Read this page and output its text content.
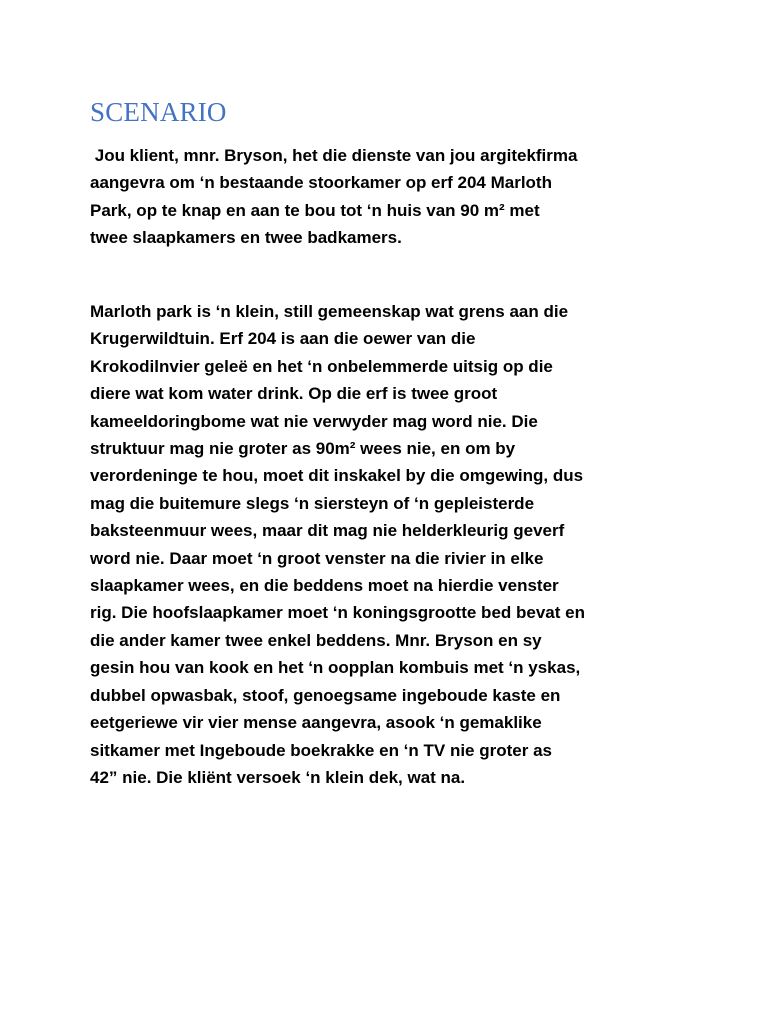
SCENARIO

Jou klient, mnr. Bryson, het die dienste van jou argitekfirma
aangevra om ‘n bestaande stoorkamer op erf 204 Marloth
Park, op te knap en aan te bou tot ‘n huis van 90 m² met
twee slaapkamers en twee badkamers.

Marloth park is ‘n klein, still gemeenskap wat grens aan die
Krugerwildtuin. Erf 204 is aan die oewer van die
Krokodilnvier geleë en het ‘n onbelemmerde uitsig op die
diere wat kom water drink. Op die erf is twee groot
kameeldoringbome wat nie verwyder mag word nie. Die
struktuur mag nie groter as 90m² wees nie, en om by
verordeninge te hou, moet dit inskakel by die omgewing, dus
mag die buitemure slegs ‘n siersteyn of ‘n gepleisterde
baksteenmuur wees, maar dit mag nie helderkleurig geverf
word nie. Daar moet ‘n groot venster na die rivier in elke
slaapkamer wees, en die beddens moet na hierdie venster
rig. Die hoofslaapkamer moet ‘n koningsgrootte bed bevat en
die ander kamer twee enkel beddens. Mnr. Bryson en sy
gesin hou van kook en het ‘n oopplan kombuis met ‘n yskas,
dubbel opwasbak, stoof, genoegsame ingeboude kaste en
eetgeriewe vir vier mense aangevra, asook ‘n gemaklike
sitkamer met Ingeboude boekrakke en ‘n TV nie groter as
42” nie. Die kliënt versoek ‘n klein dek, wat na.
